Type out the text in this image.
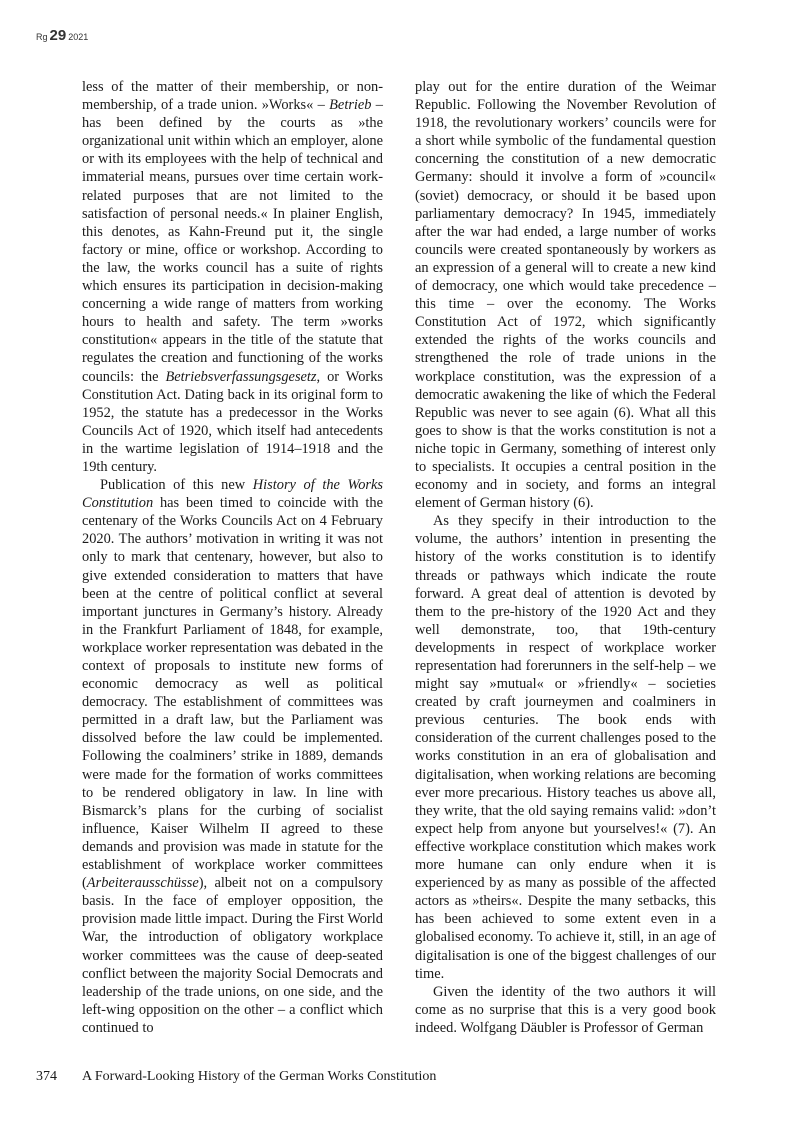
Rg 29 2021

less of the matter of their membership, or non-membership, of a trade union. »Works« – Betrieb – has been defined by the courts as »the organizational unit within which an employer, alone or with its employees with the help of technical and immaterial means, pursues over time certain work-related purposes that are not limited to the satisfaction of personal needs.« In plainer English, this denotes, as Kahn-Freund put it, the single factory or mine, office or workshop. According to the law, the works council has a suite of rights which ensures its participation in decision-making concerning a wide range of matters from working hours to health and safety. The term »works constitution« appears in the title of the statute that regulates the creation and functioning of the works councils: the Betriebsverfassungsgesetz, or Works Constitution Act. Dating back in its original form to 1952, the statute has a predecessor in the Works Councils Act of 1920, which itself had antecedents in the wartime legislation of 1914–1918 and the 19th century.

Publication of this new History of the Works Constitution has been timed to coincide with the centenary of the Works Councils Act on 4 February 2020. The authors’ motivation in writing it was not only to mark that centenary, however, but also to give extended consideration to matters that have been at the centre of political conflict at several important junctures in Germany’s history. Already in the Frankfurt Parliament of 1848, for example, workplace worker representation was debated in the context of proposals to institute new forms of economic democracy as well as political democracy. The establishment of committees was permitted in a draft law, but the Parliament was dissolved before the law could be implemented. Following the coalminers’ strike in 1889, demands were made for the formation of works committees to be rendered obligatory in law. In line with Bismarck’s plans for the curbing of socialist influence, Kaiser Wilhelm II agreed to these demands and provision was made in statute for the establishment of workplace worker committees (Arbeiterausschüsse), albeit not on a compulsory basis. In the face of employer opposition, the provision made little impact. During the First World War, the introduction of obligatory workplace worker committees was the cause of deep-seated conflict between the majority Social Democrats and leadership of the trade unions, on one side, and the left-wing opposition on the other – a conflict which continued to

play out for the entire duration of the Weimar Republic. Following the November Revolution of 1918, the revolutionary workers’ councils were for a short while symbolic of the fundamental question concerning the constitution of a new democratic Germany: should it involve a form of »council« (soviet) democracy, or should it be based upon parliamentary democracy? In 1945, immediately after the war had ended, a large number of works councils were created spontaneously by workers as an expression of a general will to create a new kind of democracy, one which would take precedence – this time – over the economy. The Works Constitution Act of 1972, which significantly extended the rights of the works councils and strengthened the role of trade unions in the workplace constitution, was the expression of a democratic awakening the like of which the Federal Republic was never to see again (6). What all this goes to show is that the works constitution is not a niche topic in Germany, something of interest only to specialists. It occupies a central position in the economy and in society, and forms an integral element of German history (6).

As they specify in their introduction to the volume, the authors’ intention in presenting the history of the works constitution is to identify threads or pathways which indicate the route forward. A great deal of attention is devoted by them to the pre-history of the 1920 Act and they well demonstrate, too, that 19th-century developments in respect of workplace worker representation had forerunners in the self-help – we might say »mutual« or »friendly« – societies created by craft journeymen and coalminers in previous centuries. The book ends with consideration of the current challenges posed to the works constitution in an era of globalisation and digitalisation, when working relations are becoming ever more precarious. History teaches us above all, they write, that the old saying remains valid: »don’t expect help from anyone but yourselves!« (7). An effective workplace constitution which makes work more humane can only endure when it is experienced by as many as possible of the affected actors as »theirs«. Despite the many setbacks, this has been achieved to some extent even in a globalised economy. To achieve it, still, in an age of digitalisation is one of the biggest challenges of our time.

Given the identity of the two authors it will come as no surprise that this is a very good book indeed. Wolfgang Däubler is Professor of German

374 A Forward-Looking History of the German Works Constitution
